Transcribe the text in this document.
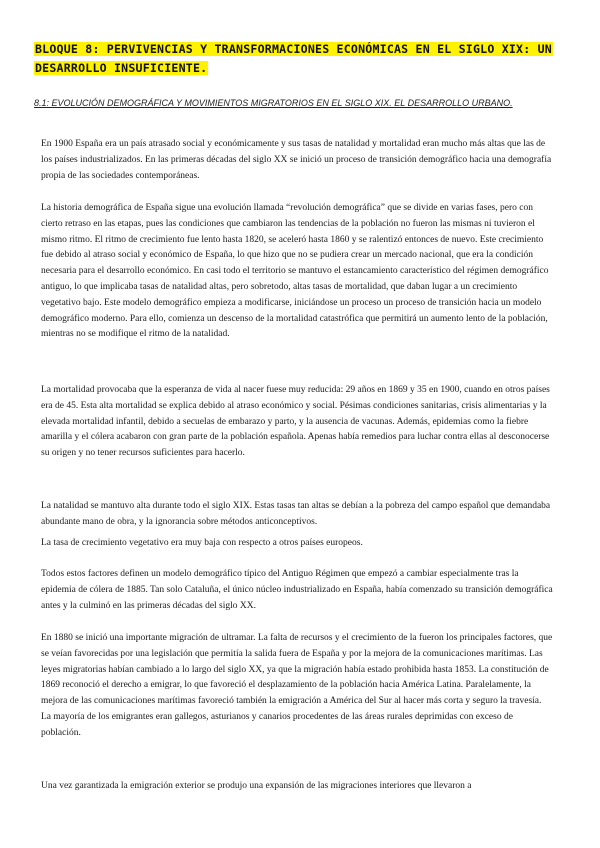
BLOQUE 8: PERVIVENCIAS Y TRANSFORMACIONES ECONÓMICAS EN EL SIGLO XIX: UN DESARROLLO INSUFICIENTE.
8.1: EVOLUCIÓN DEMOGRÁFICA Y MOVIMIENTOS MIGRATORIOS EN EL SIGLO XIX. EL DESARROLLO URBANO.

En 1900 España era un país atrasado social y económicamente y sus tasas de natalidad y mortalidad eran mucho más altas que las de los países industrializados. En las primeras décadas del siglo XX se inició un proceso de transición demográfico hacia una demografía propia de las sociedades contemporáneas.

La historia demográfica de España sigue una evolución llamada “revolución demográfica” que se divide en varias fases, pero con cierto retraso en las etapas, pues las condiciones que cambiaron las tendencias de la población no fueron las mismas ni tuvieron el mismo ritmo. El ritmo de crecimiento fue lento hasta 1820, se aceleró hasta 1860 y se ralentizó entonces de nuevo. Este crecimiento fue debido al atraso social y económico de España, lo que hizo que no se pudiera crear un mercado nacional, que era la condición necesaria para el desarrollo económico. En casi todo el territorio se mantuvo el estancamiento característico del régimen demográfico antiguo, lo que implicaba tasas de natalidad altas, pero sobretodo, altas tasas de mortalidad, que daban lugar a un crecimiento vegetativo bajo. Este modelo demográfico empieza a modificarse, iniciándose un proceso un proceso de transición hacia un modelo demográfico moderno. Para ello, comienza un descenso de la mortalidad catastrófica que permitirá un aumento lento de la población, mientras no se modifique el ritmo de la natalidad.

La mortalidad provocaba que la esperanza de vida al nacer fuese muy reducida: 29 años en 1869 y 35 en 1900, cuando en otros países era de 45. Esta alta mortalidad se explica debido al atraso económico y social. Pésimas condiciones sanitarias, crisis alimentarias y la elevada mortalidad infantil, debido a secuelas de embarazo y parto, y la ausencia de vacunas. Además, epidemias como la fiebre amarilla y el cólera acabaron con gran parte de la población española. Apenas había remedios para luchar contra ellas al desconocerse su origen y no tener recursos suficientes para hacerlo.

La natalidad se mantuvo alta durante todo el siglo XIX. Estas tasas tan altas se debían a la pobreza del campo español que demandaba abundante mano de obra, y la ignorancia sobre métodos anticonceptivos.

La tasa de crecimiento vegetativo era muy baja con respecto a otros países europeos.

Todos estos factores definen un modelo demográfico típico del Antiguo Régimen que empezó a cambiar especialmente tras la epidemia de cólera de 1885. Tan solo Cataluña, el único núcleo industrializado en España, había comenzado su transición demográfica antes y la culminó en las primeras décadas del siglo XX.

En 1880 se inició una importante migración de ultramar. La falta de recursos y el crecimiento de la fueron los principales factores, que se veían favorecidas por una legislación que permitía la salida fuera de España y por la mejora de la comunicaciones marítimas. Las leyes migratorias habían cambiado a lo largo del siglo XX, ya que la migración había estado prohibida hasta 1853. La constitución de 1869 reconoció el derecho a emigrar, lo que favoreció el desplazamiento de la población hacia América Latina. Paralelamente, la mejora de las comunicaciones marítimas favoreció también la emigración a América del Sur al hacer más corta y seguro la travesía. La mayoría de los emigrantes eran gallegos, asturianos y canarios procedentes de las áreas rurales deprimidas con exceso de población.

Una vez garantizada la emigración exterior se produjo una expansión de las migraciones interiores que llevaron a
